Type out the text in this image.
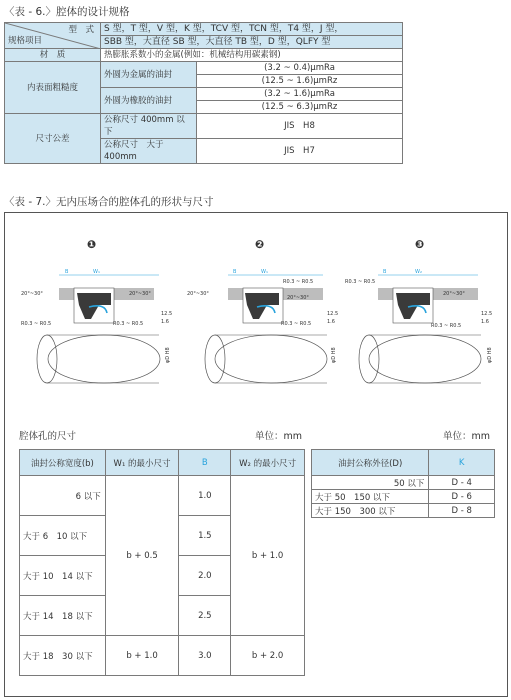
〈表 - 6.〉腔体的设计规格
型　式
规格项目	S 型，T 型，V 型，K 型，TCV 型，TCN 型，T4 型，J 型，	
	SBB 型，大直径 SB 型，大直径 TB 型，D 型，QLFY 型	
材　质	热膨胀系数小的金属(例如：机械结构用碳素钢)	
内表面粗糙度	外圆为金属的油封	(3.2 ~ 0.4)μmRa
		(12.5 ~ 1.6)μmRz
	外圆为橡胶的油封	(3.2 ~ 1.6)μmRa
		(12.5 ~ 6.3)μmRz
尺寸公差	公称尺寸 400mm 以下	JIS　H8
	公称尺寸　大于 400mm	JIS　H7
〈表 - 7.〉无内压场合的腔体孔的形状与尺寸
❶
B	W₁
20°~30°	20°~30°
R0.3 ~ R0.5	R0.3 ~ R0.5
12.5
1.6
φD H8
❷
B	W₁
20°~30°
R0.3 ~ R0.5
20°~30°
R0.3 ~ R0.5
12.5
1.6
φD H8
❸
B	W₂
R0.3 ~ R0.5
20°~30°
R0.3 ~ R0.5
12.5
1.6
φD H8
腔体孔的尺寸	单位：mm	单位：mm
油封公称宽度(b)	W₁ 的最小尺寸	B	W₂ 的最小尺寸
6 以下	b + 0.5	1.0	b + 1.0
大于 6　 10 以下		1.5	
大于 10　 14 以下		2.0	
大于 14　 18 以下		2.5	
大于 18　 30 以下	b + 1.0	3.0	b + 2.0
油封公称外径(D)	K
50 以下	D - 4
大于 50　 150 以下	D - 6
大于 150　 300 以下	D - 8
